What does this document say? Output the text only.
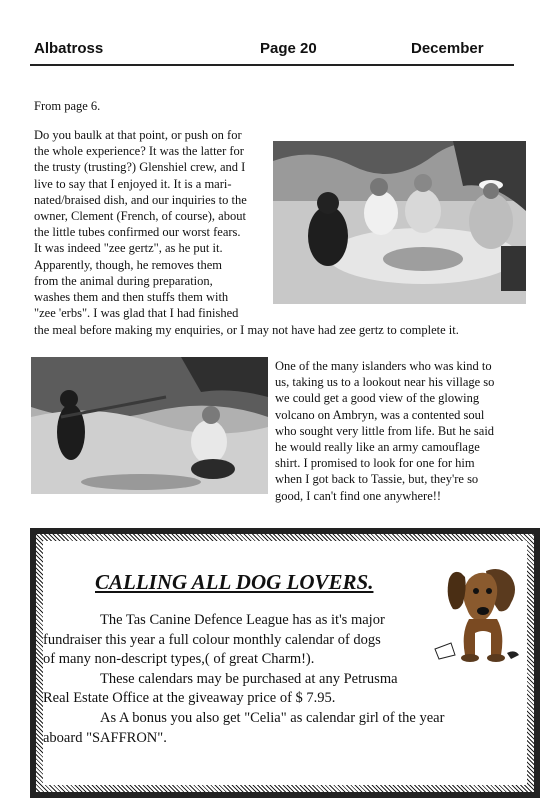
Albatross	Page 20	December
From page 6.
Do you baulk at that point, or push on for
the whole experience? It was the latter for
the trusty (trusting?) Glenshiel crew, and I
live to say that I enjoyed it. It is a mari-
nated/braised dish, and our inquiries to the
owner, Clement (French, of course), about
the little tubes confirmed our worst fears.
It was indeed "zee gertz", as he put it.
Apparently, though, he removes them
from the animal during preparation,
washes them and then stuffs them with
"zee 'erbs". I was glad that I had finished
the meal before making my enquiries, or I may not have had zee gertz to complete it.
One of the many islanders who was kind to
us, taking us to a lookout near his village so
we could get a good view of the glowing
volcano on Ambryn, was a contented soul
who sought very little from life. But he said
he would really like an army camouflage
shirt. I promised to look for one for him
when I got back to Tassie, but, they're so
good, I can't find one anywhere!!
CALLING ALL DOG LOVERS.
The Tas Canine Defence League has as it's major
fundraiser this year a full colour monthly calendar of dogs
of many non-descript types,( of great Charm!).
These calendars may be purchased at any Petrusma
Real Estate Office at the giveaway price of $ 7.95.
As A bonus you also get "Celia" as calendar girl of the year
aboard "SAFFRON".
